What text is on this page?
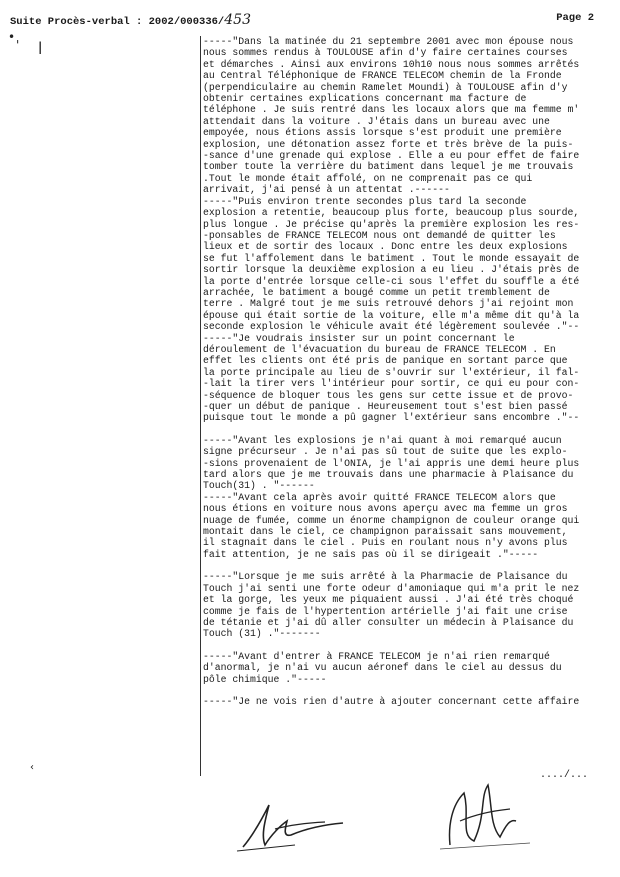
Suite Procès-verbal : 2002/000336/453	Page 2
•
' |
‹
-----"Dans la matinée du 21 septembre 2001 avec mon épouse nous
nous sommes rendus à TOULOUSE afin d'y faire certaines courses
et démarches . Ainsi aux environs 10h10 nous nous sommes arrêtés
au Central Téléphonique de FRANCE TELECOM chemin de la Fronde
(perpendiculaire au chemin Ramelet Moundi) à TOULOUSE afin d'y
obtenir certaines explications concernant ma facture de
téléphone . Je suis rentré dans les locaux alors que ma femme m'
attendait dans la voiture . J'étais dans un bureau avec une
empoyée, nous étions assis lorsque s'est produit une première
explosion, une détonation assez forte et très brève de la puis-
-sance d'une grenade qui explose . Elle a eu pour effet de faire
tomber toute la verrière du batiment dans lequel je me trouvais
.Tout le monde était affolé, on ne comprenait pas ce qui
arrivait, j'ai pensé à un attentat .------
-----"Puis environ trente secondes plus tard la seconde
explosion a retentie, beaucoup plus forte, beaucoup plus sourde,
plus longue . Je précise qu'après la première explosion les res-
-ponsables de FRANCE TELECOM nous ont demandé de quitter les
lieux et de sortir des locaux . Donc entre les deux explosions
se fut l'affolement dans le batiment . Tout le monde essayait de
sortir lorsque la deuxième explosion a eu lieu . J'étais près de
la porte d'entrée lorsque celle-ci sous l'effet du souffle a été
arrachée, le batiment a bougé comme un petit tremblement de
terre . Malgré tout je me suis retrouvé dehors j'ai rejoint mon
épouse qui était sortie de la voiture, elle m'a même dit qu'à la
seconde explosion le véhicule avait été légèrement soulevée ."--
-----"Je voudrais insister sur un point concernant le
déroulement de l'évacuation du bureau de FRANCE TELECOM . En
effet les clients ont été pris de panique en sortant parce que
la porte principale au lieu de s'ouvrir sur l'extérieur, il fal-
-lait la tirer vers l'intérieur pour sortir, ce qui eu pour con-
-séquence de bloquer tous les gens sur cette issue et de provo-
-quer un début de panique . Heureusement tout s'est bien passé
puisque tout le monde a pû gagner l'extérieur sans encombre ."--
-----"Avant les explosions je n'ai quant à moi remarqué aucun
signe précurseur . Je n'ai pas sû tout de suite que les explo-
-sions provenaient de l'ONIA, je l'ai appris une demi heure plus
tard alors que je me trouvais dans une pharmacie à Plaisance du
Touch(31) . "------
-----"Avant cela après avoir quitté FRANCE TELECOM alors que
nous étions en voiture nous avons aperçu avec ma femme un gros
nuage de fumée, comme un énorme champignon de couleur orange qui
montait dans le ciel, ce champignon paraissait sans mouvement,
il stagnait dans le ciel . Puis en roulant nous n'y avons plus
fait attention, je ne sais pas où il se dirigeait ."-----
-----"Lorsque je me suis arrêté à la Pharmacie de Plaisance du
Touch j'ai senti une forte odeur d'amoniaque qui m'a prit le nez
et la gorge, les yeux me piquaient aussi . J'ai été très choqué
comme je fais de l'hypertention artérielle j'ai fait une crise
de tétanie et j'ai dû aller consulter un médecin à Plaisance du
Touch (31) ."-------
-----"Avant d'entrer à FRANCE TELECOM je n'ai rien remarqué
d'anormal, je n'ai vu aucun aéronef dans le ciel au dessus du
pôle chimique ."-----
-----"Je ne vois rien d'autre à ajouter concernant cette affaire
..../...
